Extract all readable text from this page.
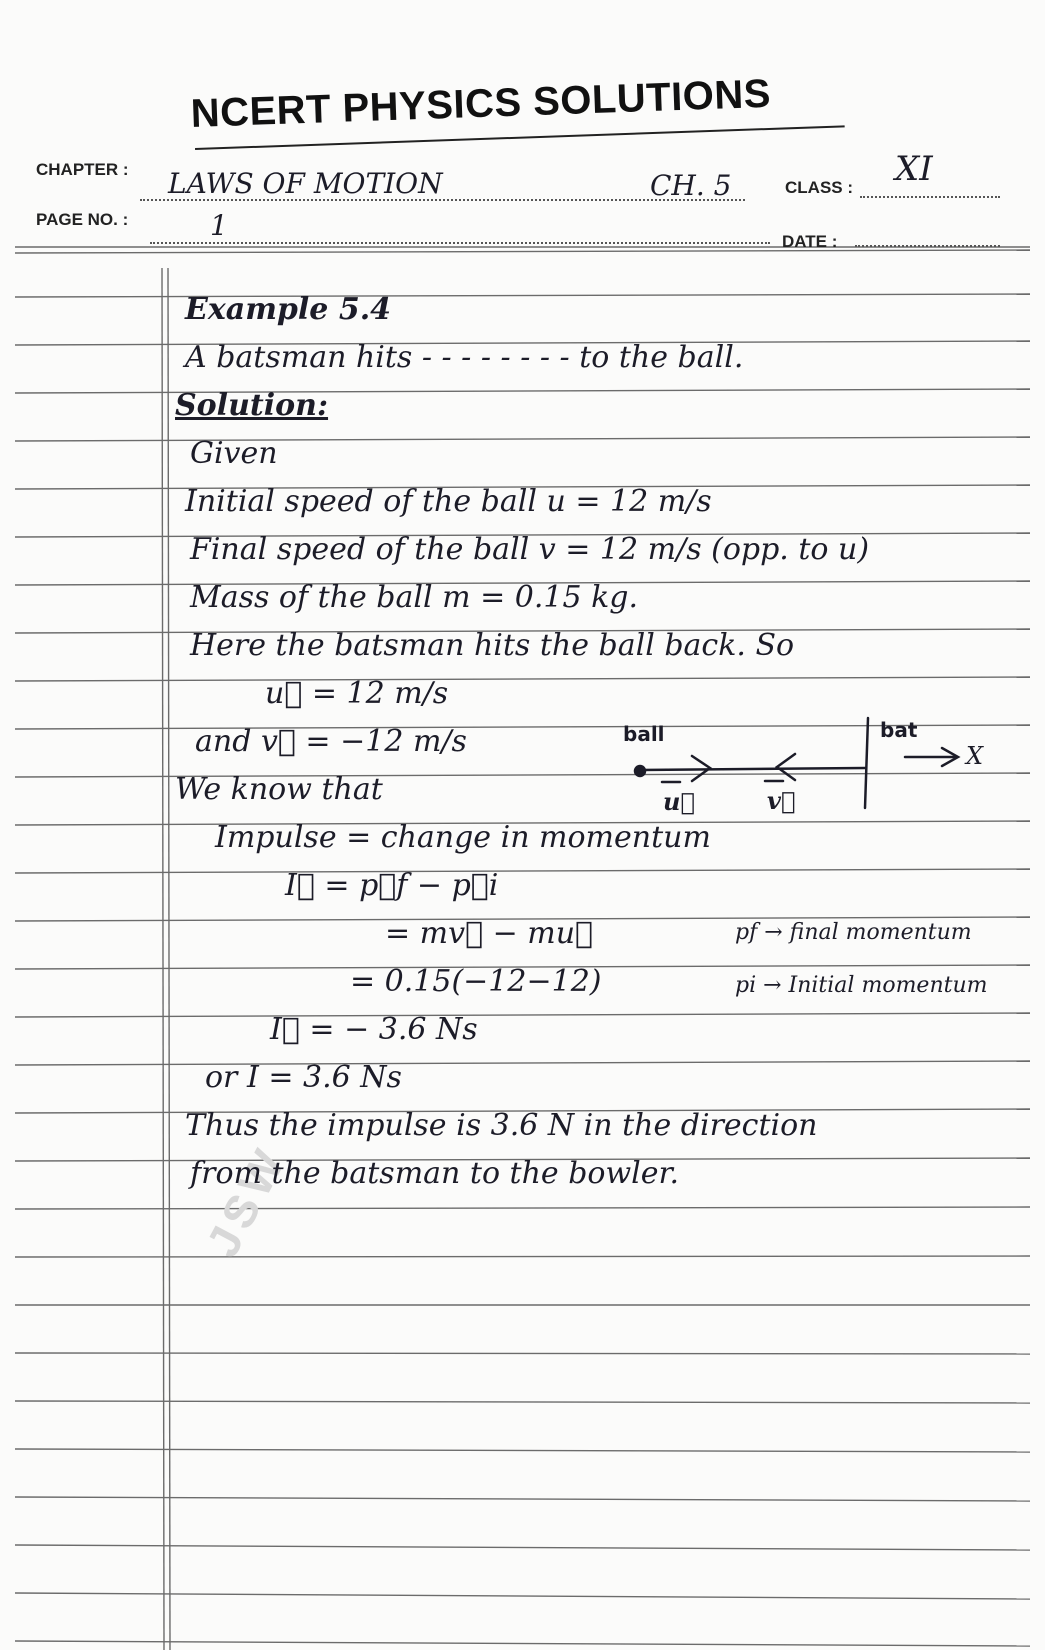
JSW
NCERT PHYSICS SOLUTIONS
CHAPTER : LAWS OF MOTION	CH. 5	CLASS : XI
PAGE NO. :	1	DATE :
Example 5.4
A batsman hits - - - - - - - - to the ball.
Solution:
Given
Initial speed of the ball u = 12 m/s
Final speed of the ball v = 12 m/s (opp. to u)
Mass of the ball m = 0.15 kg.
Here the batsman hits the ball back. So
u⃗ = 12 m/s
and v⃗ = −12 m/s
We know that
Impulse = change in momentum
I⃗ = p⃗f − p⃗i
= mv⃗ − mu⃗
= 0.15(−12−12)
I⃗ = − 3.6 Ns
or I = 3.6 Ns
Thus the impulse is 3.6 N in the direction
from the batsman to the bowler.
pf → final momentum
pi → Initial momentum
ball	bat
X
u⃗	v⃗
